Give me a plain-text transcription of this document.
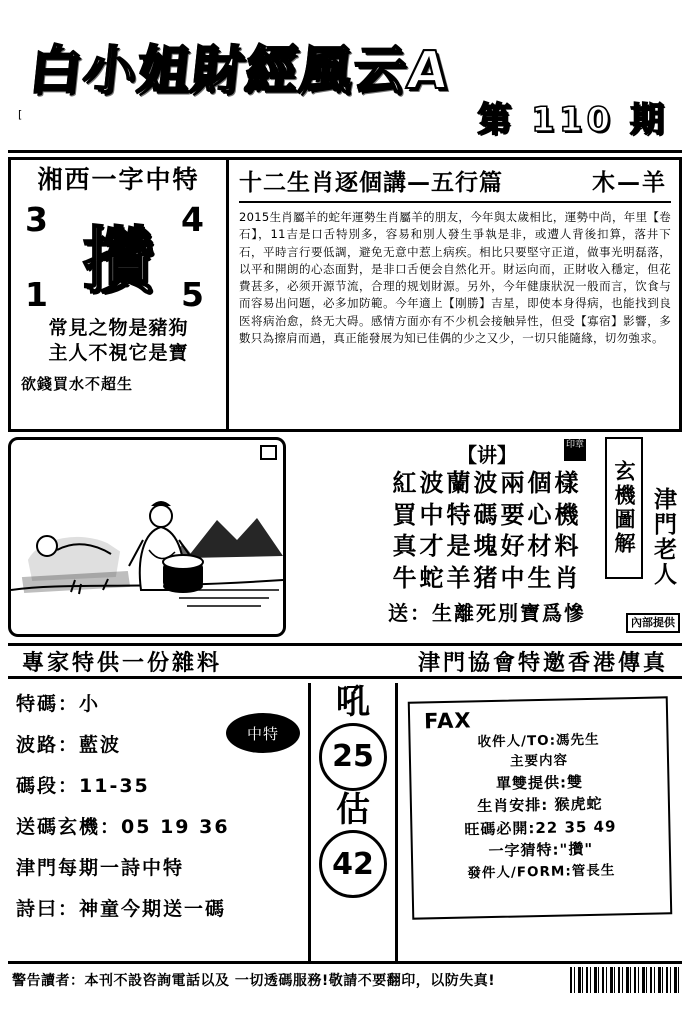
白小姐財經風云A
[	第 110 期
湘西一字中特
3	4
1	5
攢
常見之物是豬狗
主人不視它是寶
欲錢買水不超生
十二生肖逐個講—五行篇	木—羊
2015生肖屬羊的蛇年運勢生肖屬羊的朋友，今年與太歲相比，運勢中尚，年里【卷石】，11吉是口舌特別多，容易和別人發生爭執是非，或遭人背後扣算，落井下石，平時言行要低調，避免无意中惹上病疾。相比只要堅守正道，做事光明磊落，以平和開朗的心态面對，是非口舌便会自然化开。財运向而，正財收入穩定，但花費甚多，必须开源节流，合理的规划財源。另外，今年健康狀況一般而言，饮食与而容易出问题，必多加防範。今年適上【刚勝】吉星，即使本身得病，也能找到良医将病治愈，終无大碍。感情方面亦有不少机会接触异性，但受【寡宿】影響，多數只為擦肩而過，真正能發展为知已佳偶的少之又少，一切只能隨緣，切勿強求。
【讲】
紅波蘭波兩個樣
買中特碼要心機
真才是塊好材料
牛蛇羊猪中生肖
送：生離死別寶爲慘
印章
玄機圖解 津門老人
內部提供
專家特供一份雜料	津門協會特邀香港傳真
特碼：小
波路：藍波
碼段：11-35
送碼玄機：05 19 36
津門每期一詩中特
詩曰：神童今期送一碼
中特
吼
25
估
42
FAX
收件人/TO:馮先生
主要内容
單雙提供:雙
生肖安排: 猴虎蛇
旺碼必開:22 35 49
一字猜特:"攢"
發件人/FORM:管長生
警告讀者：本刊不設咨詢電話以及 一切透碼服務!敬請不要翻印，以防失真!
